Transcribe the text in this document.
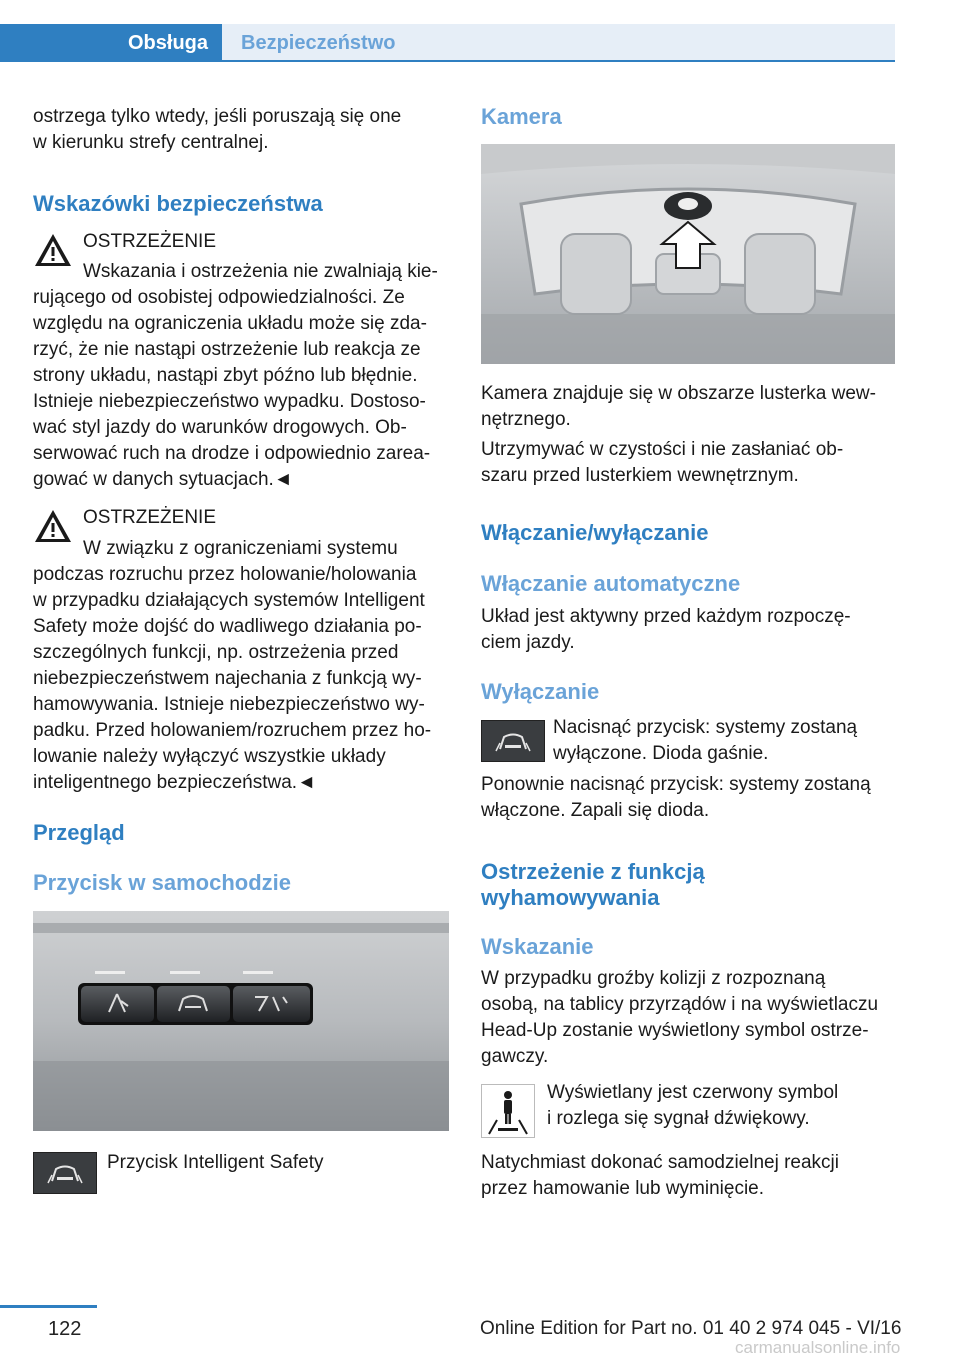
Obsługa Bezpieczeństwo

ostrzega tylko wtedy, jeśli poruszają się one

w kierunku strefy centralnej.

Wskazówki bezpieczeństwa

OSTRZEŻENIE

Wskazania i ostrzeżenia nie zwalniają kie-

rującego od osobistej odpowiedzialności. Ze

względu na ograniczenia układu może się zda-

rzyć, że nie nastąpi ostrzeżenie lub reakcja ze

strony układu, nastąpi zbyt późno lub błędnie.

Istnieje niebezpieczeństwo wypadku. Dostoso-

wać styl jazdy do warunków drogowych. Ob-

serwować ruch na drodze i odpowiednio zarea-

gować w danych sytuacjach.◄

OSTRZEŻENIE

W związku z ograniczeniami systemu

podczas rozruchu przez holowanie/holowania

w przypadku działających systemów Intelligent

Safety może dojść do wadliwego działania po-

szczególnych funkcji, np. ostrzeżenia przed

niebezpieczeństwem najechania z funkcją wy-

hamowywania. Istnieje niebezpieczeństwo wy-

padku. Przed holowaniem/rozruchem przez ho-

lowanie należy wyłączyć wszystkie układy

inteligentnego bezpieczeństwa.◄

Przegląd
Przycisk w samochodzie

Przycisk Intelligent Safety

Kamera

Kamera znajduje się w obszarze lusterka wew-

nętrznego.

Utrzymywać w czystości i nie zasłaniać ob-

szaru przed lusterkiem wewnętrznym.

Włączanie/wyłączanie
Włączanie automatyczne

Układ jest aktywny przed każdym rozpoczę-

ciem jazdy.

Wyłączanie

Nacisnąć przycisk: systemy zostaną

wyłączone. Dioda gaśnie.

Ponownie nacisnąć przycisk: systemy zostaną

włączone. Zapali się dioda.

Ostrzeżenie z funkcją
wyhamowywania
Wskazanie

W przypadku groźby kolizji z rozpoznaną

osobą, na tablicy przyrządów i na wyświetlaczu

Head-Up zostanie wyświetlony symbol ostrze-

gawczy.

Wyświetlany jest czerwony symbol

i rozlega się sygnał dźwiękowy.

Natychmiast dokonać samodzielnej reakcji

przez hamowanie lub wyminięcie.

122	Online Edition for Part no. 01 40 2 974 045 - VI/16
carmanualsonline.info
